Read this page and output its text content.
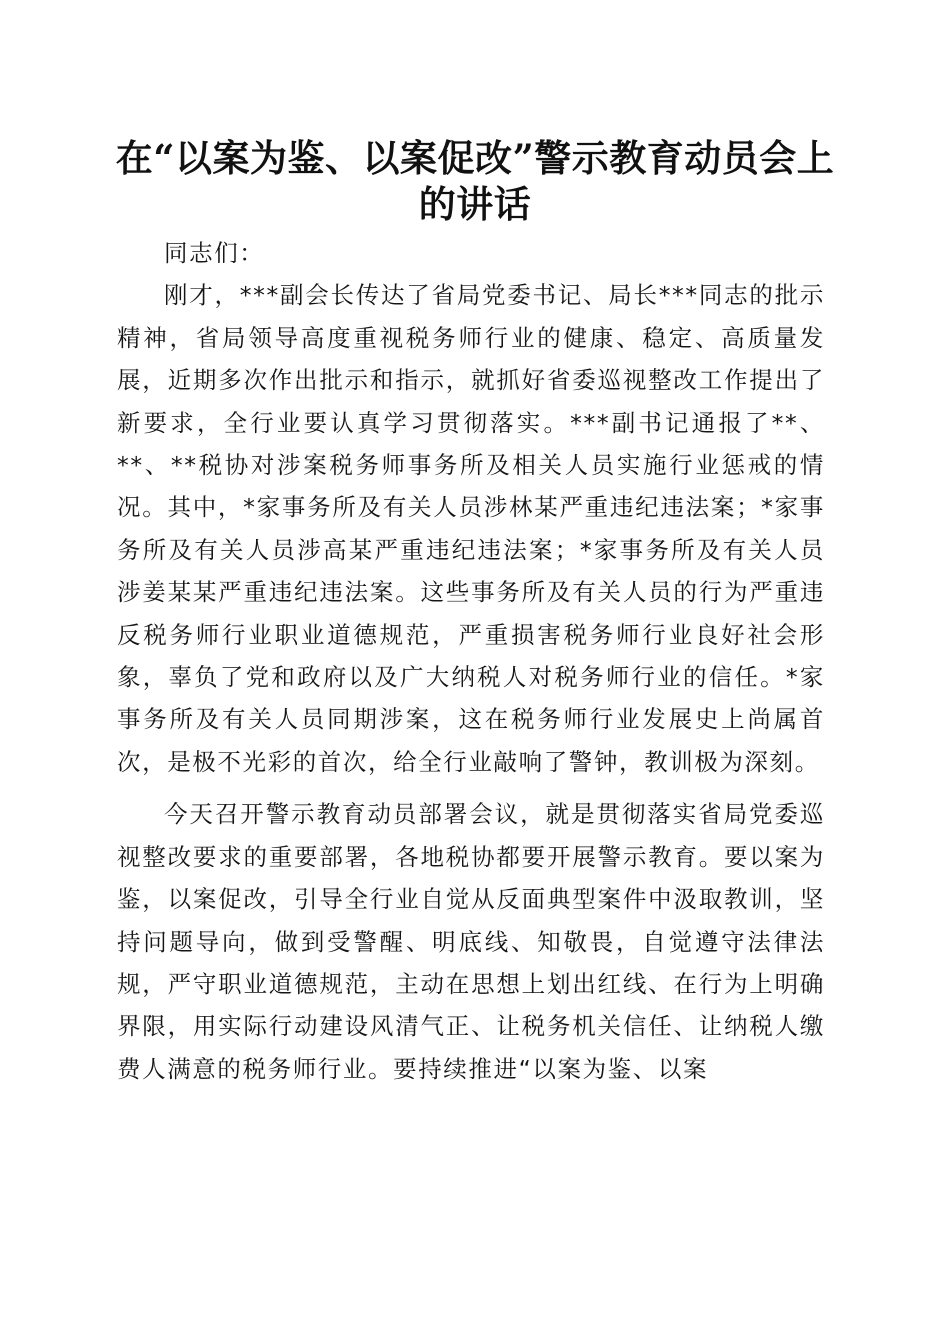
在“以案为鉴、以案促改”警示教育动员会上的讲话

同志们：

刚才，***副会长传达了省局党委书记、局长***同志的批示精神，省局领导高度重视税务师行业的健康、稳定、高质量发展，近期多次作出批示和指示，就抓好省委巡视整改工作提出了新要求，全行业要认真学习贯彻落实。***副书记通报了**、**、**税协对涉案税务师事务所及相关人员实施行业惩戒的情况。其中，*家事务所及有关人员涉林某严重违纪违法案；*家事务所及有关人员涉高某严重违纪违法案；*家事务所及有关人员涉姜某某严重违纪违法案。这些事务所及有关人员的行为严重违反税务师行业职业道德规范，严重损害税务师行业良好社会形象，辜负了党和政府以及广大纳税人对税务师行业的信任。*家事务所及有关人员同期涉案，这在税务师行业发展史上尚属首次，是极不光彩的首次，给全行业敲响了警钟，教训极为深刻。

今天召开警示教育动员部署会议，就是贯彻落实省局党委巡视整改要求的重要部署，各地税协都要开展警示教育。要以案为鉴，以案促改，引导全行业自觉从反面典型案件中汲取教训，坚持问题导向，做到受警醒、明底线、知敬畏，自觉遵守法律法规，严守职业道德规范，主动在思想上划出红线、在行为上明确界限，用实际行动建设风清气正、让税务机关信任、让纳税人缴费人满意的税务师行业。要持续推进“以案为鉴、以案
